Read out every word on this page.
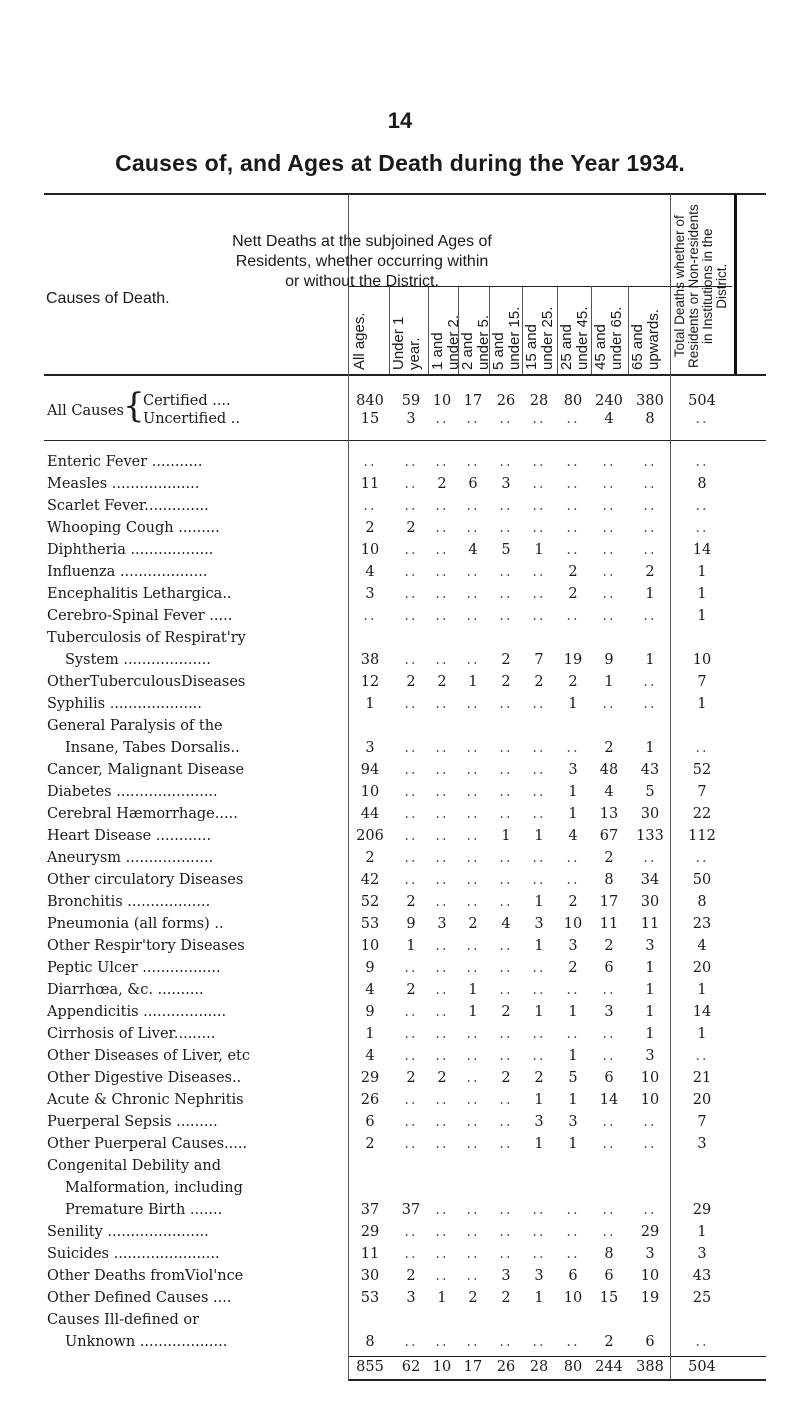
14
Causes of, and Ages at Death during the Year 1934.
Nett Deaths at the subjoined Ages of
Residents, whether occurring within
or without the District.
Causes of Death.
All ages. Under 1 year. 1 and under 2.
2 and under 5.
5 and under 15. 15 and under 25. 25 and under 45. 45 and under 65. 65 and upwards. Total Deaths whether of Residents or Non-residents in Institutions in the District.
All Causes {
Certified ....
Uncertified ..
840	59 10 17	26	28	80 240 380 504
15	3	..	..	..	..	..	4	8	..
Enteric Fever ...........	..	..	..	..	..	..	..	..	..	..
Measles ...................	11	..	2	6	3	..	..	..	..	8
Scarlet Fever..............	..	..	..	..	..	..	..	..	..	..
Whooping Cough .........	2	2	..	..	..	..	..	..	..	..
Diphtheria ..................	10	..	..	4	5	1	..	..	..	14
Influenza ...................	4	..	..	..	..	..	2	..	2	1
Encephalitis Lethargica..	3	..	..	..	..	..	2	..	1	1
Cerebro-Spinal Fever .....	..	..	..	..	..	..	..	..	..	1
Tuberculosis of Respirat'ry
System ...................	38	..	..	..	2	7	19	9	1	10
OtherTuberculousDiseases	12	2	2	1	2	2	2	1	..	7
Syphilis ....................	1	..	..	..	..	..	1	..	..	1
General Paralysis of the
Insane, Tabes Dorsalis..	3	..	..	..	..	..	..	2	1	..
Cancer, Malignant Disease	94	..	..	..	..	..	3	48	43	52
Diabetes ......................	10	..	..	..	..	..	1	4	5	7
Cerebral Hæmorrhage.....	44	..	..	..	..	..	1	13	30	22
Heart Disease ............	206	..	..	..	1	1	4	67	133 112
Aneurysm ...................	2	..	..	..	..	..	..	2	..	..
Other circulatory Diseases	42	..	..	..	..	..	..	8	34	50
Bronchitis ..................	52	2	..	..	..	1	2	17	30	8
Pneumonia (all forms) ..	53	9	3	2	4	3	10	11	11	23
Other Respir'tory Diseases	10	1	..	..	..	1	3	2	3	4
Peptic Ulcer .................	9	..	..	..	..	..	2	6	1	20
Diarrhœa, &c. ..........	4	2	..	1	..	..	..	..	1	1
Appendicitis ..................	9	..	..	1	2	1	1	3	1	14
Cirrhosis of Liver.........	1	..	..	..	..	..	..	..	1	1
Other Diseases of Liver, etc	4	..	..	..	..	..	1	..	3	..
Other Digestive Diseases..	29	2	2	..	2	2	5	6	10	21
Acute & Chronic Nephritis	26	..	..	..	..	1	1	14	10	20
Puerperal Sepsis .........	6	..	..	..	..	3	3	..	..	7
Other Puerperal Causes.....	2	..	..	..	..	1	1	..	..	3
Congenital Debility and
Malformation, including
Premature Birth .......	37	37	..	..	..	..	..	..	..	29
Senility ......................	29	..	..	..	..	..	..	..	29	1
Suicides .......................	11	..	..	..	..	..	..	8	3	3
Other Deaths fromViol'nce	30	2	..	..	3	3	6	6	10	43
Other Defined Causes ....	53	3	1	2	2	1	10	15	19	25
Causes Ill-defined or
Unknown ...................	8	..	..	..	..	..	..	2	6	..
855	62 10 17	26	28	80 244 388 504
